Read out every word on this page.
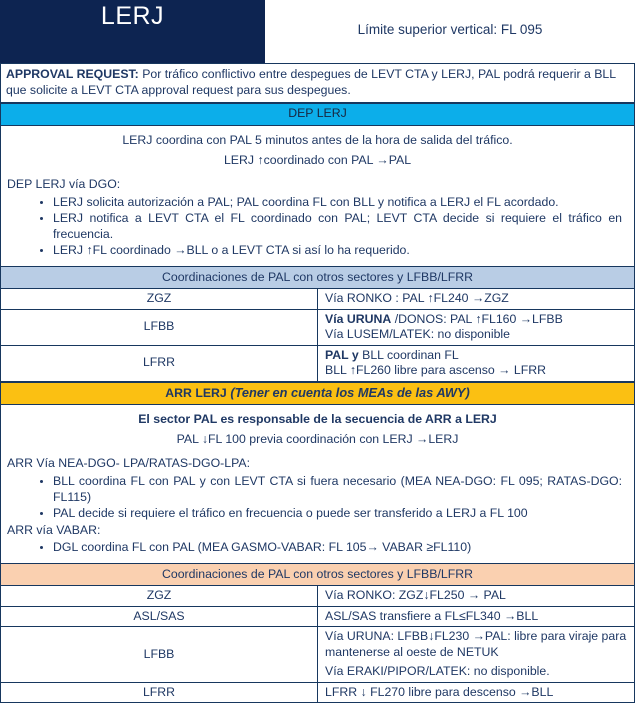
LERJ	Límite superior vertical: FL 095
APPROVAL REQUEST: Por tráfico conflictivo entre despegues de LEVT CTA y LERJ, PAL podrá requerir a BLL que solicite a LEVT CTA approval request para sus despegues.
DEP LERJ	

LERJ coordina con PAL 5 minutos antes de la hora de salida del tráfico.
LERJ ↑coordinado con PAL →PAL
DEP LERJ vía DGO:
• LERJ solicita autorización a PAL; PAL coordina FL con BLL y notifica a LERJ el FL acordado.
• LERJ notifica a LEVT CTA el FL coordinado con PAL; LEVT CTA decide si requiere el tráfico en frecuencia.
• LERJ ↑FL coordinado →BLL o a LEVT CTA si así lo ha requerido.

Coordinaciones de PAL con otros sectores y LFBB/LFRR	
ZGZ	Vía RONKO : PAL ↑FL240 →ZGZ
LFBB	Vía URUNA /DONOS: PAL ↑FL160 →LFBB
Vía LUSEM/LATEK: no disponible

LFRR	PAL y BLL coordinan FL
BLL ↑FL260 libre para ascenso → LFRR
ARR LERJ (Tener en cuenta los MEAs de las AWY)	

El sector PAL es responsable de la secuencia de ARR a LERJ
PAL ↓FL 100 previa coordinación con LERJ →LERJ
ARR Vía NEA-DGO- LPA/RATAS-DGO-LPA:
• BLL coordina FL con PAL y con LEVT CTA si fuera necesario (MEA NEA-DGO: FL 095; RATAS-DGO: FL115)
• PAL decide si requiere el tráfico en frecuencia o puede ser transferido a LERJ a FL 100
ARR vía VABAR:
• DGL coordina FL con PAL (MEA GASMO-VABAR: FL 105→ VABAR ≥FL110)

Coordinaciones de PAL con otros sectores y LFBB/LFRR	
ZGZ	Vía RONKO: ZGZ↓FL250 → PAL
ASL/SAS	ASL/SAS transfiere a FL≤FL340 →BLL
LFBB	Vía URUNA: LFBB↓FL230 →PAL: libre para viraje para mantenerse al oeste de NETUK
Vía ERAKI/PIPOR/LATEK: no disponible.

LFRR	LFRR ↓ FL270 libre para descenso →BLL
